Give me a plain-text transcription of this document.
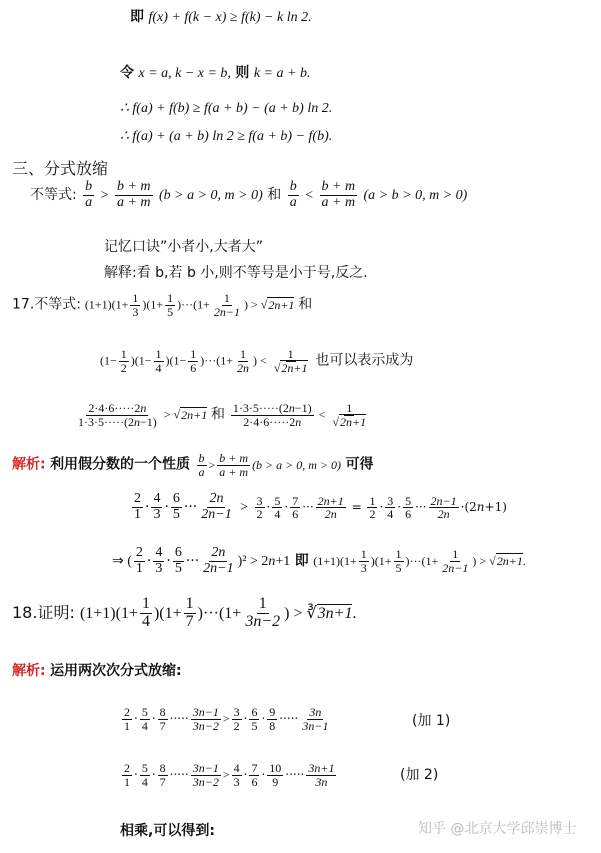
即 f(x) + f(k − x) ≥ f(k) − k ln 2.
令 x = a, k − x = b, 则 k = a + b.
∴ f(a) + f(b) ≥ f(a + b) − (a + b) ln 2.
∴ f(a) + (a + b) ln 2 ≥ f(a + b) − f(b).
三、分式放缩
不等式: $\frac{b}{a} > \frac{b + m}{a + m} (b > a > 0$, m > 0) 和 $\frac{b}{a} < \frac{b + m}{a + m} (a > b > 0$, m > 0)
记忆口诀”小者小,大者大”
解释:看 b,若 b 小,则不等号是小于号,反之.
17.不等式: $(1+1)(1+ \frac{1}{3} )(1+ \frac{1}{5} )\cdot\cdot\cdot(1+ \frac{1}{2n-1}$ ) > √2n+1 和
$(1- \frac{1}{2} )(1- \frac{1}{4} )(1- \frac{1}{6} )\cdot\cdot\cdot(1+ \frac{1}{2n}$ ) < $\frac{1}{√2n+1}$ 也可以表示成为
$\frac{2\cdot 4\cdot 6\cdot\cdot\cdot\cdot\cdot 2n}{1\cdot 3\cdot 5\cdot\cdot\cdot\cdot\cdot(2n-1)} > √2n+1$ 和 $\frac{1\cdot 3\cdot 5\cdot\cdot\cdot\cdot\cdot(2n-1)}{2\cdot 4\cdot 6\cdot\cdot\cdot\cdot\cdot 2n} < \frac{1}{√2n+1}$
解析: 利用假分数的一个性质 $\frac{b}{a} > \frac{b + m}{a + m} (b > a > 0$, m > 0) 可得
$\frac{2}{1} \cdot \frac{4}{3} \cdot \frac{6}{5}$ ··· $\frac{2n}{2n-1} > \frac{3}{2} \cdot \frac{5}{4} \cdot \frac{7}{6}$ ··· $\frac{2n+1}{2n} = \frac{1}{2} \cdot \frac{3}{4} \cdot \frac{5}{6}$ ··· $\frac{2n-1}{2n} \cdot(2n+1)$
⇒ ( $\frac{2}{1} \cdot \frac{4}{3} \cdot \frac{6}{5}$ ··· $\frac{2n}{2n-1} )^2 > 2n+1$ 即 $(1+1)(1+ \frac{1}{3} )(1+ \frac{1}{5} )\cdot\cdot\cdot(1+ \frac{1}{2n-1}$ ) > √2n+1.
18.证明: $(1+1)(1+ \frac{1}{4} )(1+ \frac{1}{7} )\cdot\cdot\cdot(1+ \frac{1}{3n-2}$ ) > ∛3n+1.
解析: 运用两次次分式放缩:
$\frac{2}{1} \cdot \frac{5}{4} \cdot \frac{8}{7}$ ····· $\frac{3n-1}{3n-2} > \frac{3}{2} \cdot \frac{6}{5} \cdot \frac{9}{8}$ ····· $\frac{3n}{3n-1}$	(加 1)
$\frac{2}{1} \cdot \frac{5}{4} \cdot \frac{8}{7}$ ····· $\frac{3n-1}{3n-2} > \frac{4}{3} \cdot \frac{7}{6} \cdot \frac{10}{9}$ ····· $\frac{3n+1}{3n}$	(加 2)
相乘,可以得到:	知乎 @北京大学邱崇博士
